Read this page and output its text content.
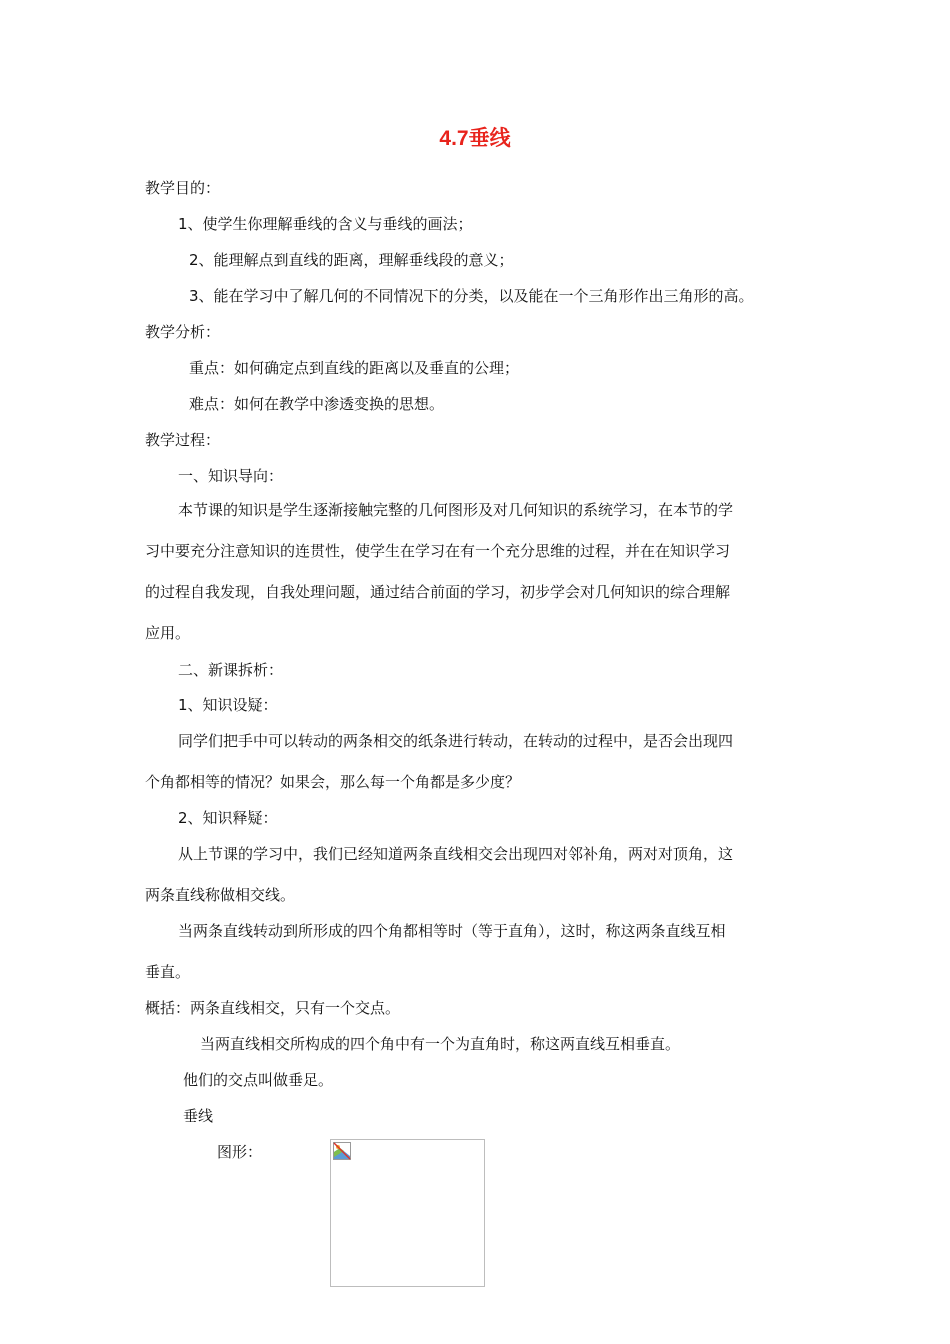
4.7垂线

教学目的：

1、使学生你理解垂线的含义与垂线的画法；

2、能理解点到直线的距离，理解垂线段的意义；

3、能在学习中了解几何的不同情况下的分类，以及能在一个三角形作出三角形的高。

教学分析：

重点：如何确定点到直线的距离以及垂直的公理；

难点：如何在教学中渗透变换的思想。

教学过程：

一、知识导向：

本节课的知识是学生逐渐接触完整的几何图形及对几何知识的系统学习，在本节的学

习中要充分注意知识的连贯性，使学生在学习在有一个充分思维的过程，并在在知识学习

的过程自我发现，自我处理问题，通过结合前面的学习，初步学会对几何知识的综合理解

应用。

二、新课拆析：

1、知识设疑：

同学们把手中可以转动的两条相交的纸条进行转动，在转动的过程中，是否会出现四

个角都相等的情况？如果会，那么每一个角都是多少度？

2、知识释疑：

从上节课的学习中，我们已经知道两条直线相交会出现四对邻补角，两对对顶角，这

两条直线称做相交线。

当两条直线转动到所形成的四个角都相等时（等于直角），这时，称这两条直线互相

垂直。

概括：两条直线相交，只有一个交点。

当两直线相交所构成的四个角中有一个为直角时，称这两直线互相垂直。

他们的交点叫做垂足。

垂线

图形：
